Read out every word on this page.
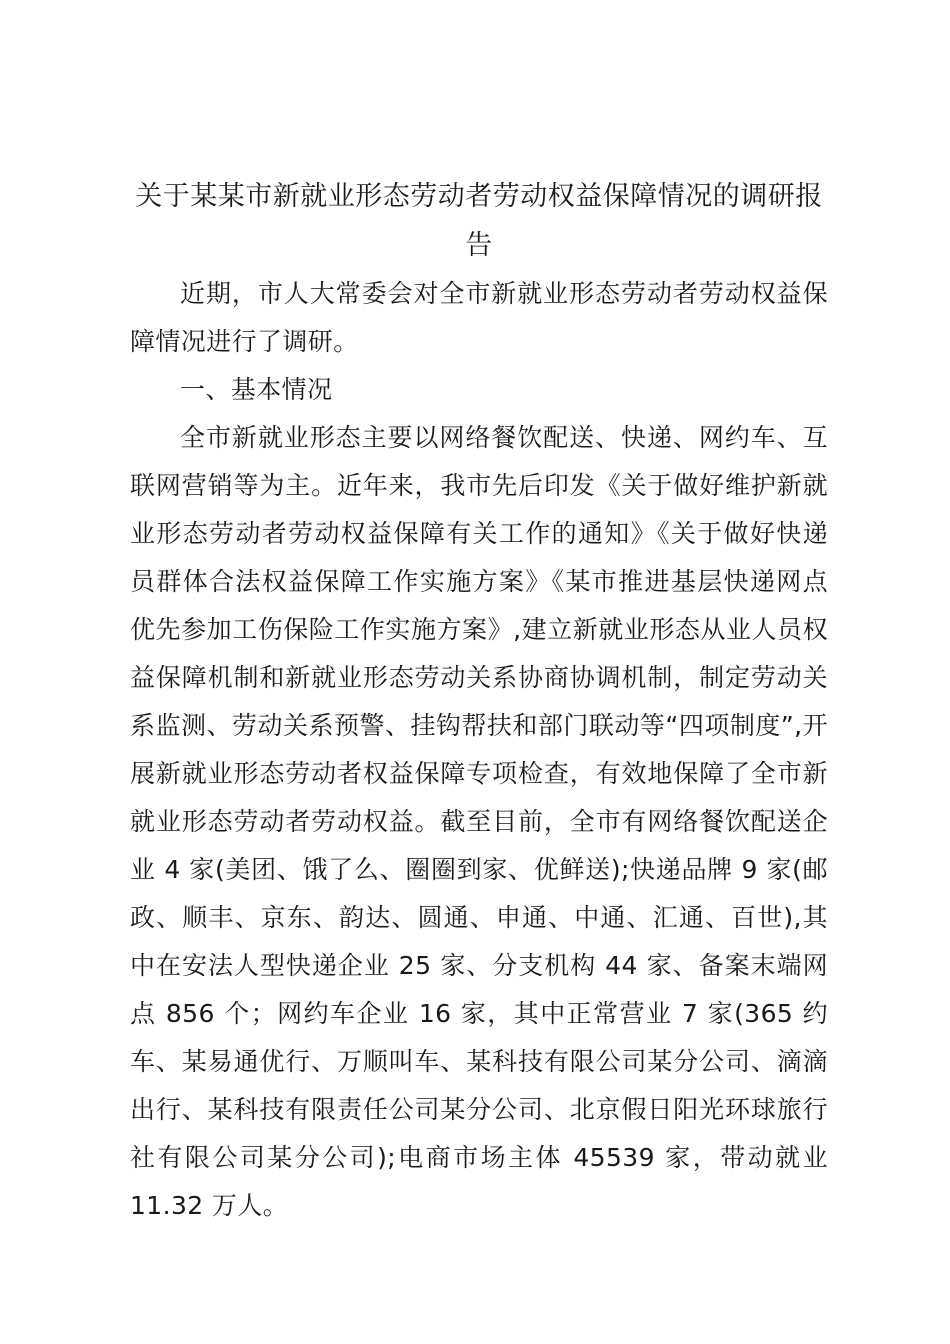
关于某某市新就业形态劳动者劳动权益保障情况的调研报告

近期，市人大常委会对全市新就业形态劳动者劳动权益保障情况进行了调研。

一、基本情况

全市新就业形态主要以网络餐饮配送、快递、网约车、互联网营销等为主。近年来，我市先后印发《关于做好维护新就业形态劳动者劳动权益保障有关工作的通知》《关于做好快递员群体合法权益保障工作实施方案》《某市推进基层快递网点优先参加工伤保险工作实施方案》,建立新就业形态从业人员权益保障机制和新就业形态劳动关系协商协调机制，制定劳动关系监测、劳动关系预警、挂钩帮扶和部门联动等“四项制度”,开展新就业形态劳动者权益保障专项检查，有效地保障了全市新就业形态劳动者劳动权益。截至目前，全市有网络餐饮配送企业 4 家(美团、饿了么、圈圈到家、优鲜送);快递品牌 9 家(邮政、顺丰、京东、韵达、圆通、申通、中通、汇通、百世),其中在安法人型快递企业 25 家、分支机构 44 家、备案末端网点 856 个；网约车企业 16 家，其中正常营业 7 家(365 约车、某易通优行、万顺叫车、某科技有限公司某分公司、滴滴出行、某科技有限责任公司某分公司、北京假日阳光环球旅行社有限公司某分公司);电商市场主体 45539 家，带动就业 11.32 万人。
